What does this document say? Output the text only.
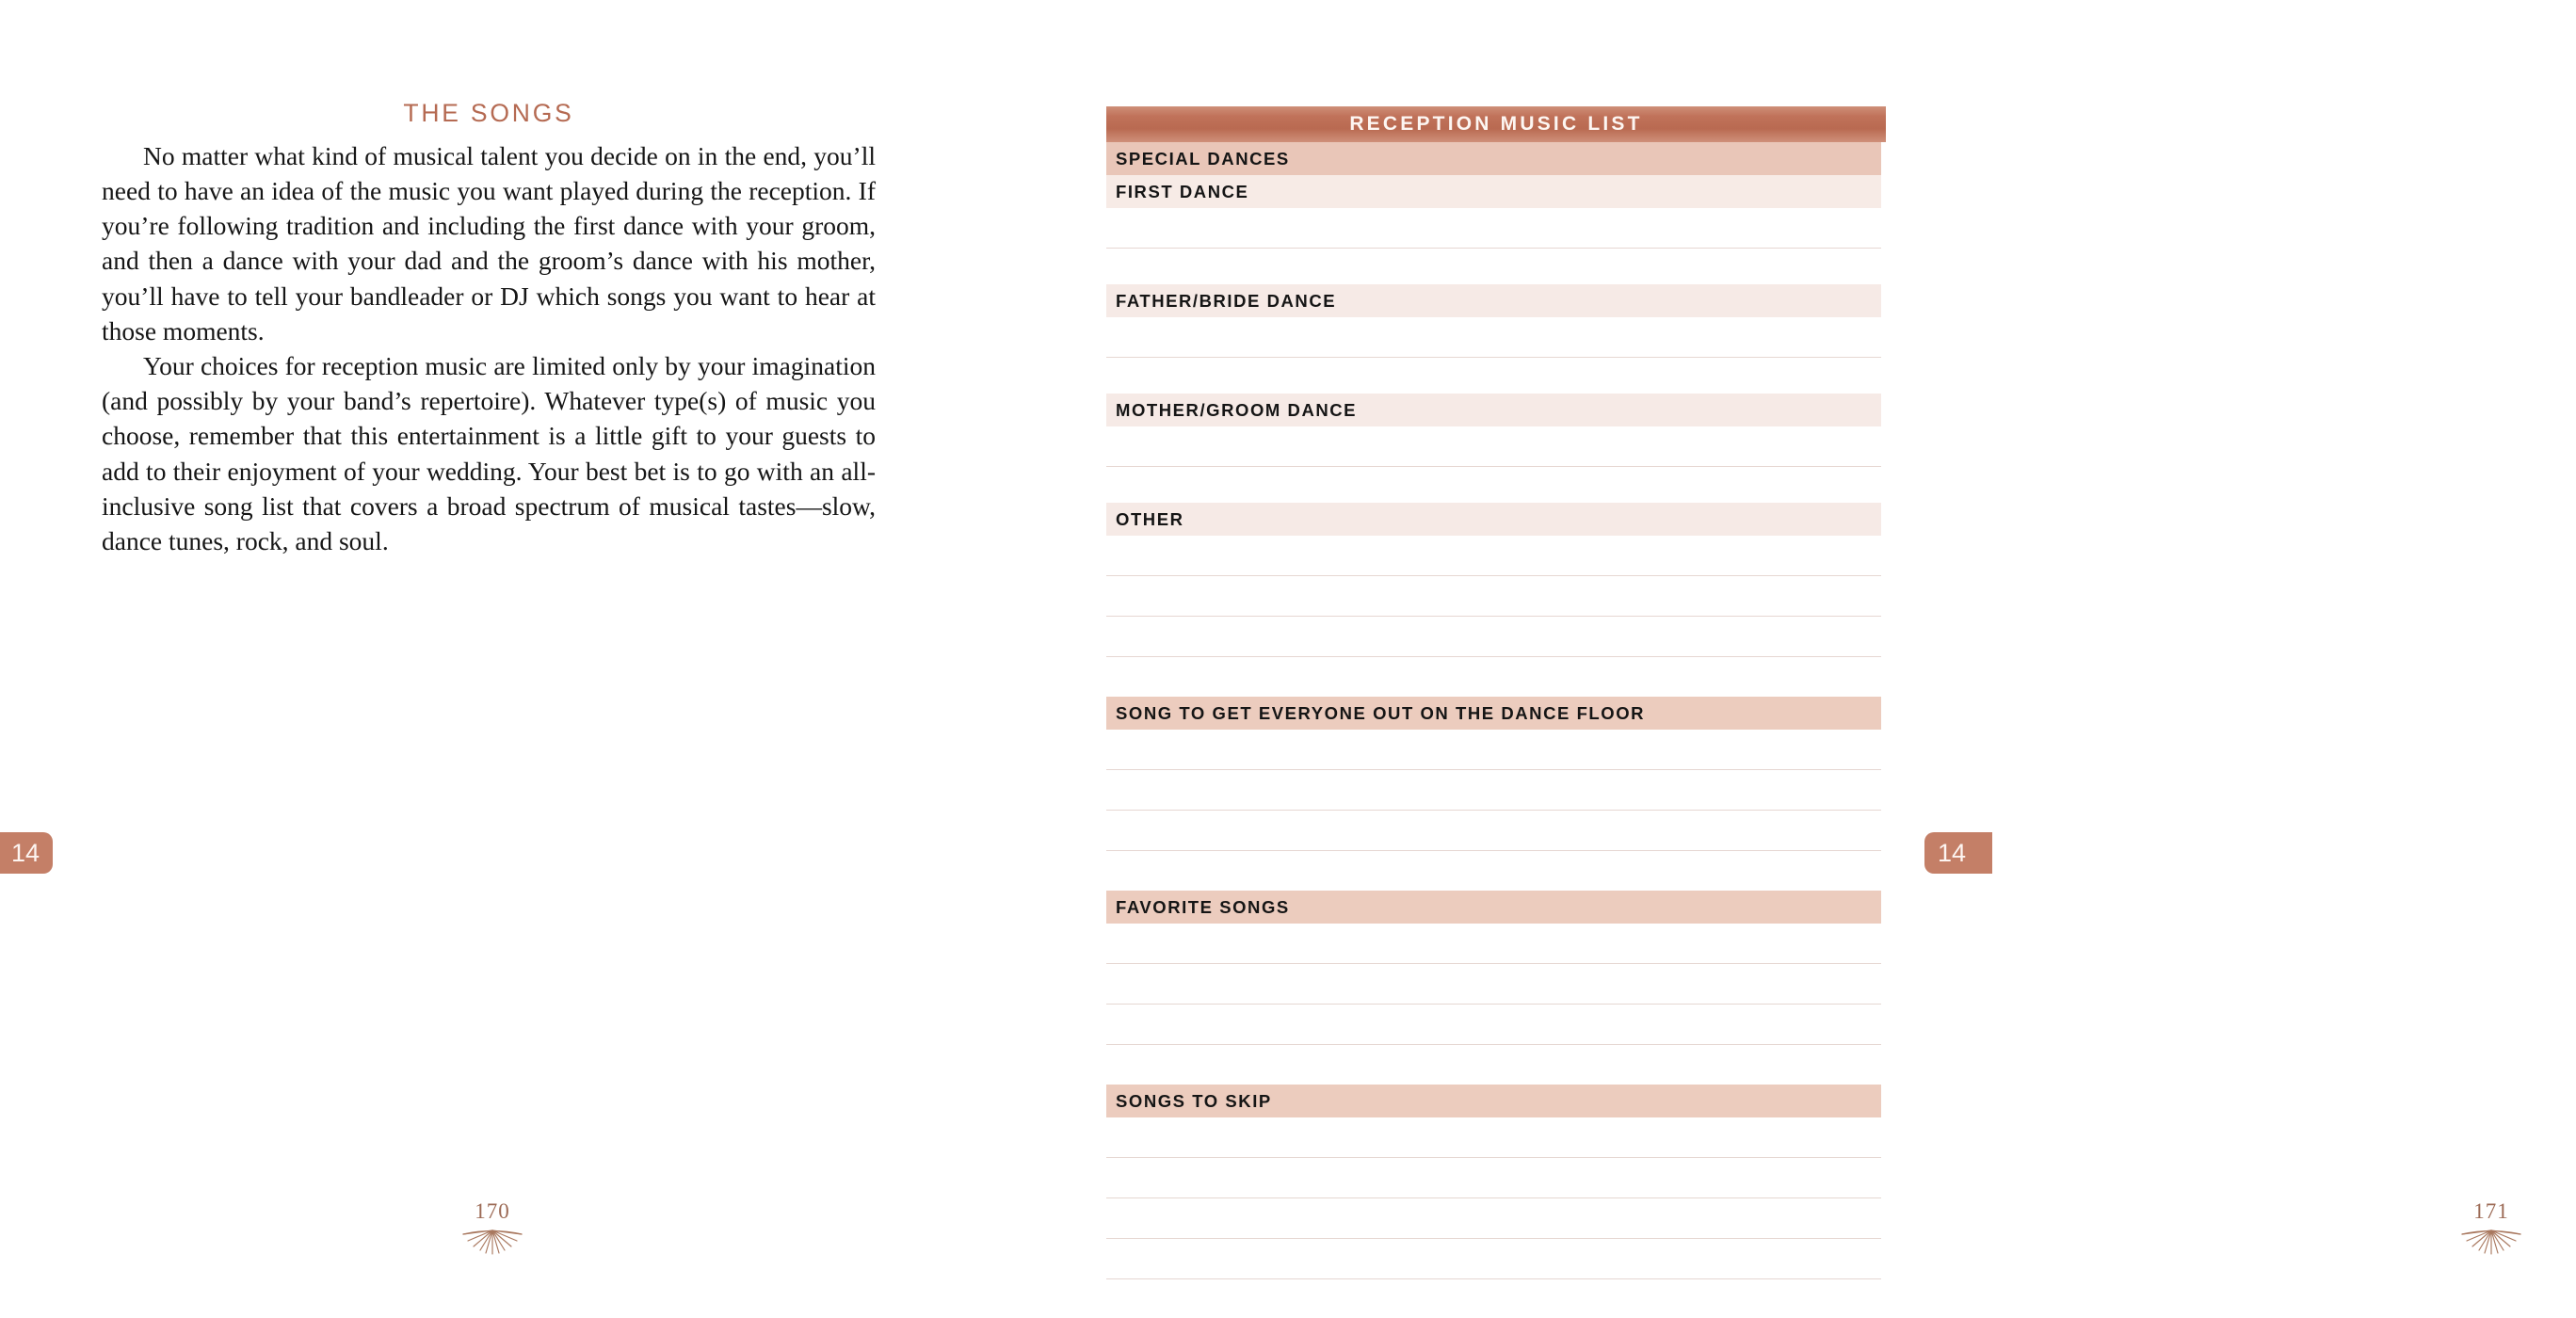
THE SONGS

No matter what kind of musical talent you decide on in the end, you’ll need to have an idea of the music you want played during the reception. If you’re following tradition and including the first dance with your groom, and then a dance with your dad and the groom’s dance with his mother, you’ll have to tell your bandleader or DJ which songs you want to hear at those moments.

Your choices for reception music are limited only by your imagination (and possibly by your band’s repertoire). Whatever type(s) of music you choose, remember that this entertainment is a little gift to your guests to add to their enjoyment of your wedding. Your best bet is to go with an all-inclusive song list that covers a broad spectrum of musical tastes—slow, dance tunes, rock, and soul.

14
170
RECEPTION MUSIC LIST
SPECIAL DANCES
FIRST DANCE
FATHER/BRIDE DANCE
MOTHER/GROOM DANCE
OTHER
SONG TO GET EVERYONE OUT ON THE DANCE FLOOR
FAVORITE SONGS
SONGS TO SKIP
14
171
